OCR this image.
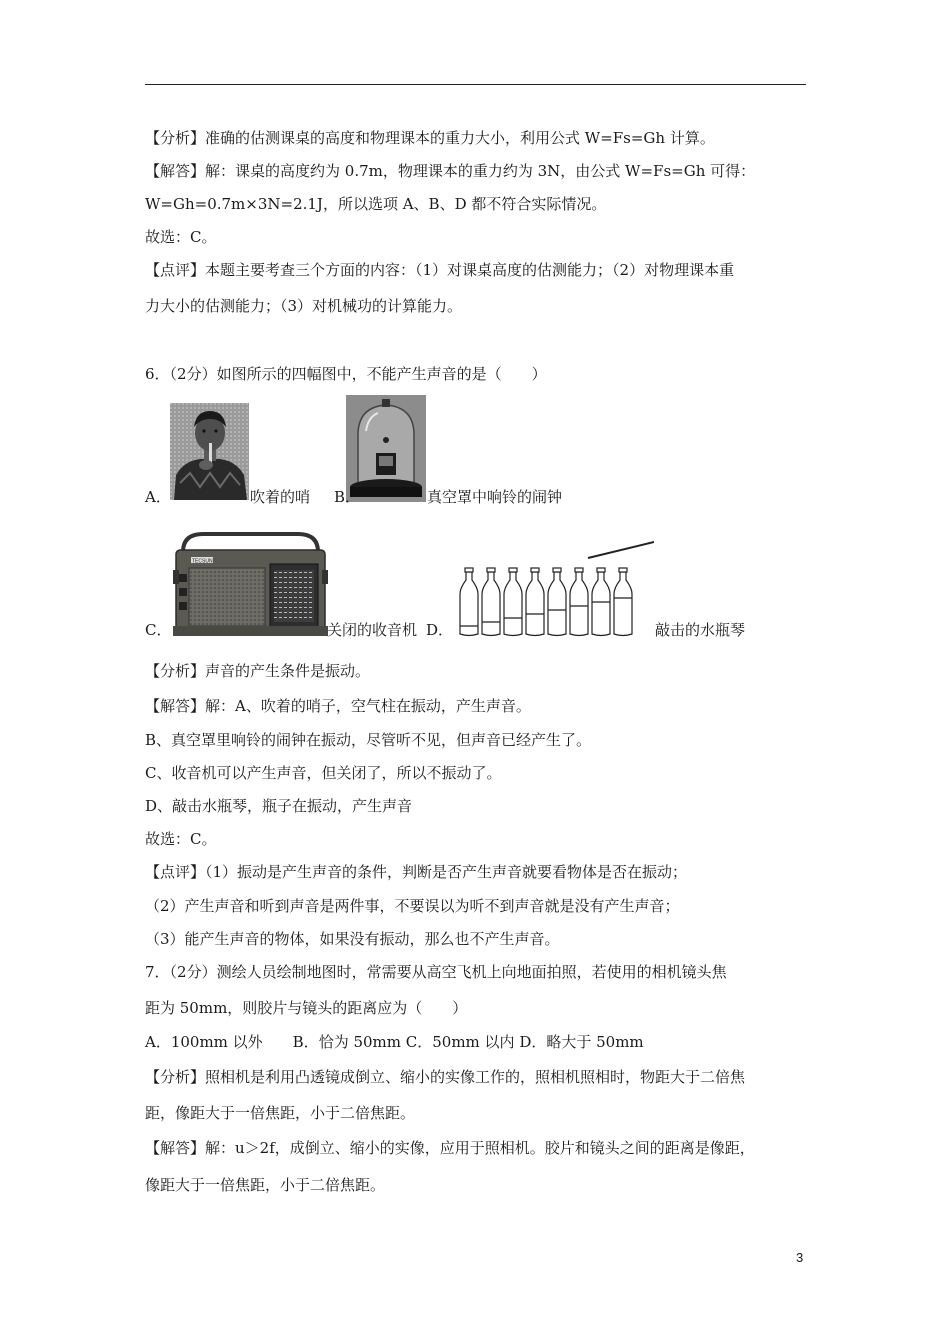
【分析】准确的估测课桌的高度和物理课本的重力大小，利用公式 W=Fs=Gh 计算。
【解答】解：课桌的高度约为 0.7m，物理课本的重力约为 3N，由公式 W=Fs=Gh 可得：
W=Gh=0.7m×3N=2.1J，所以选项 A、B、D 都不符合实际情况。
故选：C。
【点评】本题主要考查三个方面的内容：（1）对课桌高度的估测能力；（2）对物理课本重
力大小的估测能力；（3）对机械功的计算能力。
6．（2分）如图所示的四幅图中，不能产生声音的是（　　）
A．	吹着的哨 B．	真空罩中响铃的闹钟
TECSUN
C．	关闭的收音机 D．	敲击的水瓶琴
【分析】声音的产生条件是振动。
【解答】解：A、吹着的哨子，空气柱在振动，产生声音。
B、真空罩里响铃的闹钟在振动，尽管听不见，但声音已经产生了。
C、收音机可以产生声音，但关闭了，所以不振动了。
D、敲击水瓶琴，瓶子在振动，产生声音
故选：C。
【点评】（1）振动是产生声音的条件，判断是否产生声音就要看物体是否在振动；
（2）产生声音和听到声音是两件事，不要误以为听不到声音就是没有产生声音；
（3）能产生声音的物体，如果没有振动，那么也不产生声音。
7．（2分）测绘人员绘制地图时，常需要从高空飞机上向地面拍照，若使用的相机镜头焦
距为 50mm，则胶片与镜头的距离应为（　　）
A．100mm 以外　　B．恰为 50mm C．50mm 以内 D．略大于 50mm
【分析】照相机是利用凸透镜成倒立、缩小的实像工作的，照相机照相时，物距大于二倍焦
距，像距大于一倍焦距，小于二倍焦距。
【解答】解：u＞2f，成倒立、缩小的实像，应用于照相机。胶片和镜头之间的距离是像距，
像距大于一倍焦距，小于二倍焦距。
3
